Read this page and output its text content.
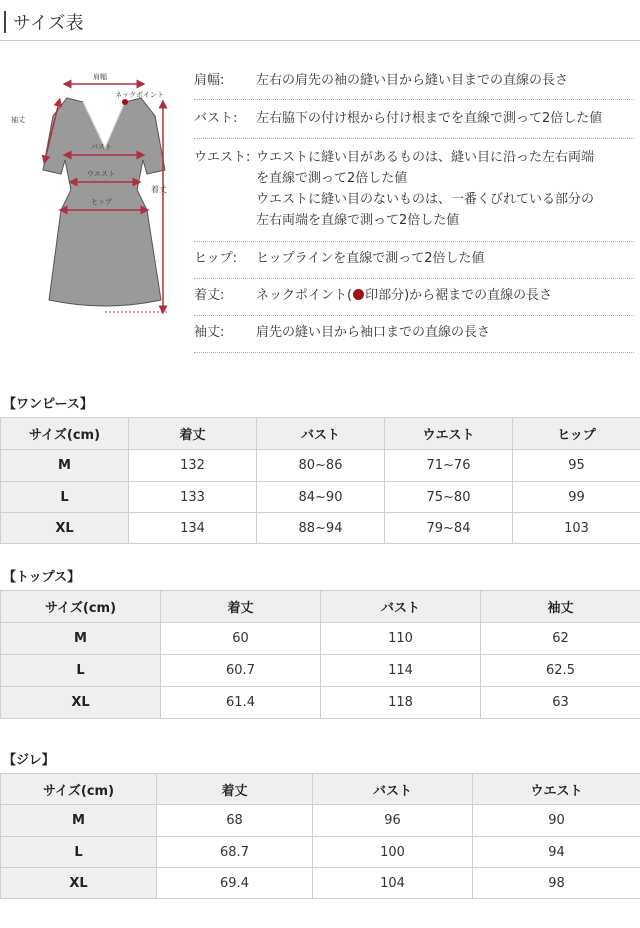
サイズ表
肩幅
ネックポイント
袖丈
バスト
ウエスト
ヒップ
着丈
肩幅: 左右の肩先の袖の縫い目から縫い目までの直線の長さ
バスト: 左右脇下の付け根から付け根までを直線で測って2倍した値
ウエスト: ウエストに縫い目があるものは、縫い目に沿った左右両端
を直線で測って2倍した値
ウエストに縫い目のないものは、一番くびれている部分の
左右両端を直線で測って2倍した値
ヒップ: ヒップラインを直線で測って2倍した値
着丈: ネックポイント( 印部分)から裾までの直線の長さ
袖丈: 肩先の縫い目から袖口までの直線の長さ
【ワンピース】
サイズ(cm)	着丈	バスト	ウエスト	ヒップ
M	132	80~86	71~76	95
L	133	84~90	75~80	99
XL	134	88~94	79~84	103
【トップス】
サイズ(cm)	着丈	バスト	袖丈
M	60	110	62
L	60.7	114	62.5
XL	61.4	118	63
【ジレ】
サイズ(cm)	着丈	バスト	ウエスト
M	68	96	90
L	68.7	100	94
XL	69.4	104	98
